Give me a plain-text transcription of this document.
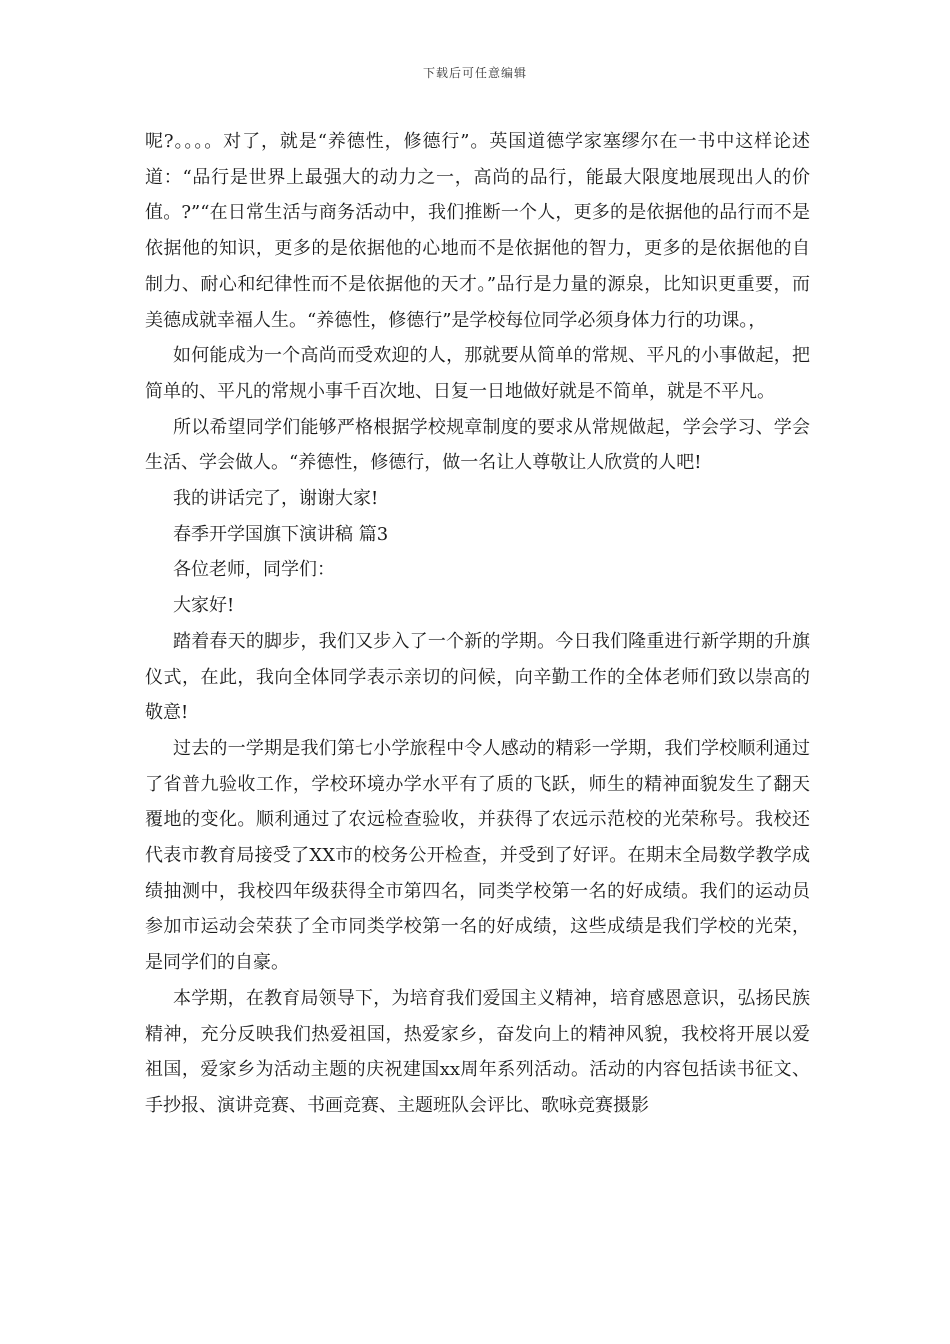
下载后可任意编辑

呢?。。。。对了，就是“养德性，修德行”。英国道德学家塞缪尔在一书中这样论述道：“品行是世界上最强大的动力之一，高尚的品行，能最大限度地展现出人的价值。?”“在日常生活与商务活动中，我们推断一个人，更多的是依据他的品行而不是依据他的知识，更多的是依据他的心地而不是依据他的智力，更多的是依据他的自制力、耐心和纪律性而不是依据他的天才。”品行是力量的源泉，比知识更重要，而美德成就幸福人生。“养德性，修德行”是学校每位同学必须身体力行的功课。，

如何能成为一个高尚而受欢迎的人，那就要从简单的常规、平凡的小事做起，把简单的、平凡的常规小事千百次地、日复一日地做好就是不简单，就是不平凡。

所以希望同学们能够严格根据学校规章制度的要求从常规做起，学会学习、学会生活、学会做人。“养德性，修德行，做一名让人尊敬让人欣赏的人吧!

我的讲话完了，谢谢大家!

春季开学国旗下演讲稿 篇3

各位老师，同学们：

大家好!

踏着春天的脚步，我们又步入了一个新的学期。今日我们隆重进行新学期的升旗仪式，在此，我向全体同学表示亲切的问候，向辛勤工作的全体老师们致以崇高的敬意!

过去的一学期是我们第七小学旅程中令人感动的精彩一学期，我们学校顺利通过了省普九验收工作，学校环境办学水平有了质的飞跃，师生的精神面貌发生了翻天覆地的变化。顺利通过了农远检查验收，并获得了农远示范校的光荣称号。我校还代表市教育局接受了XX市的校务公开检查，并受到了好评。在期末全局数学教学成绩抽测中，我校四年级获得全市第四名，同类学校第一名的好成绩。我们的运动员参加市运动会荣获了全市同类学校第一名的好成绩，这些成绩是我们学校的光荣，是同学们的自豪。

本学期，在教育局领导下，为培育我们爱国主义精神，培育感恩意识，弘扬民族精神，充分反映我们热爱祖国，热爱家乡，奋发向上的精神风貌，我校将开展以爱祖国，爱家乡为活动主题的庆祝建国xx周年系列活动。活动的内容包括读书征文、手抄报、演讲竞赛、书画竞赛、主题班队会评比、歌咏竞赛摄影
